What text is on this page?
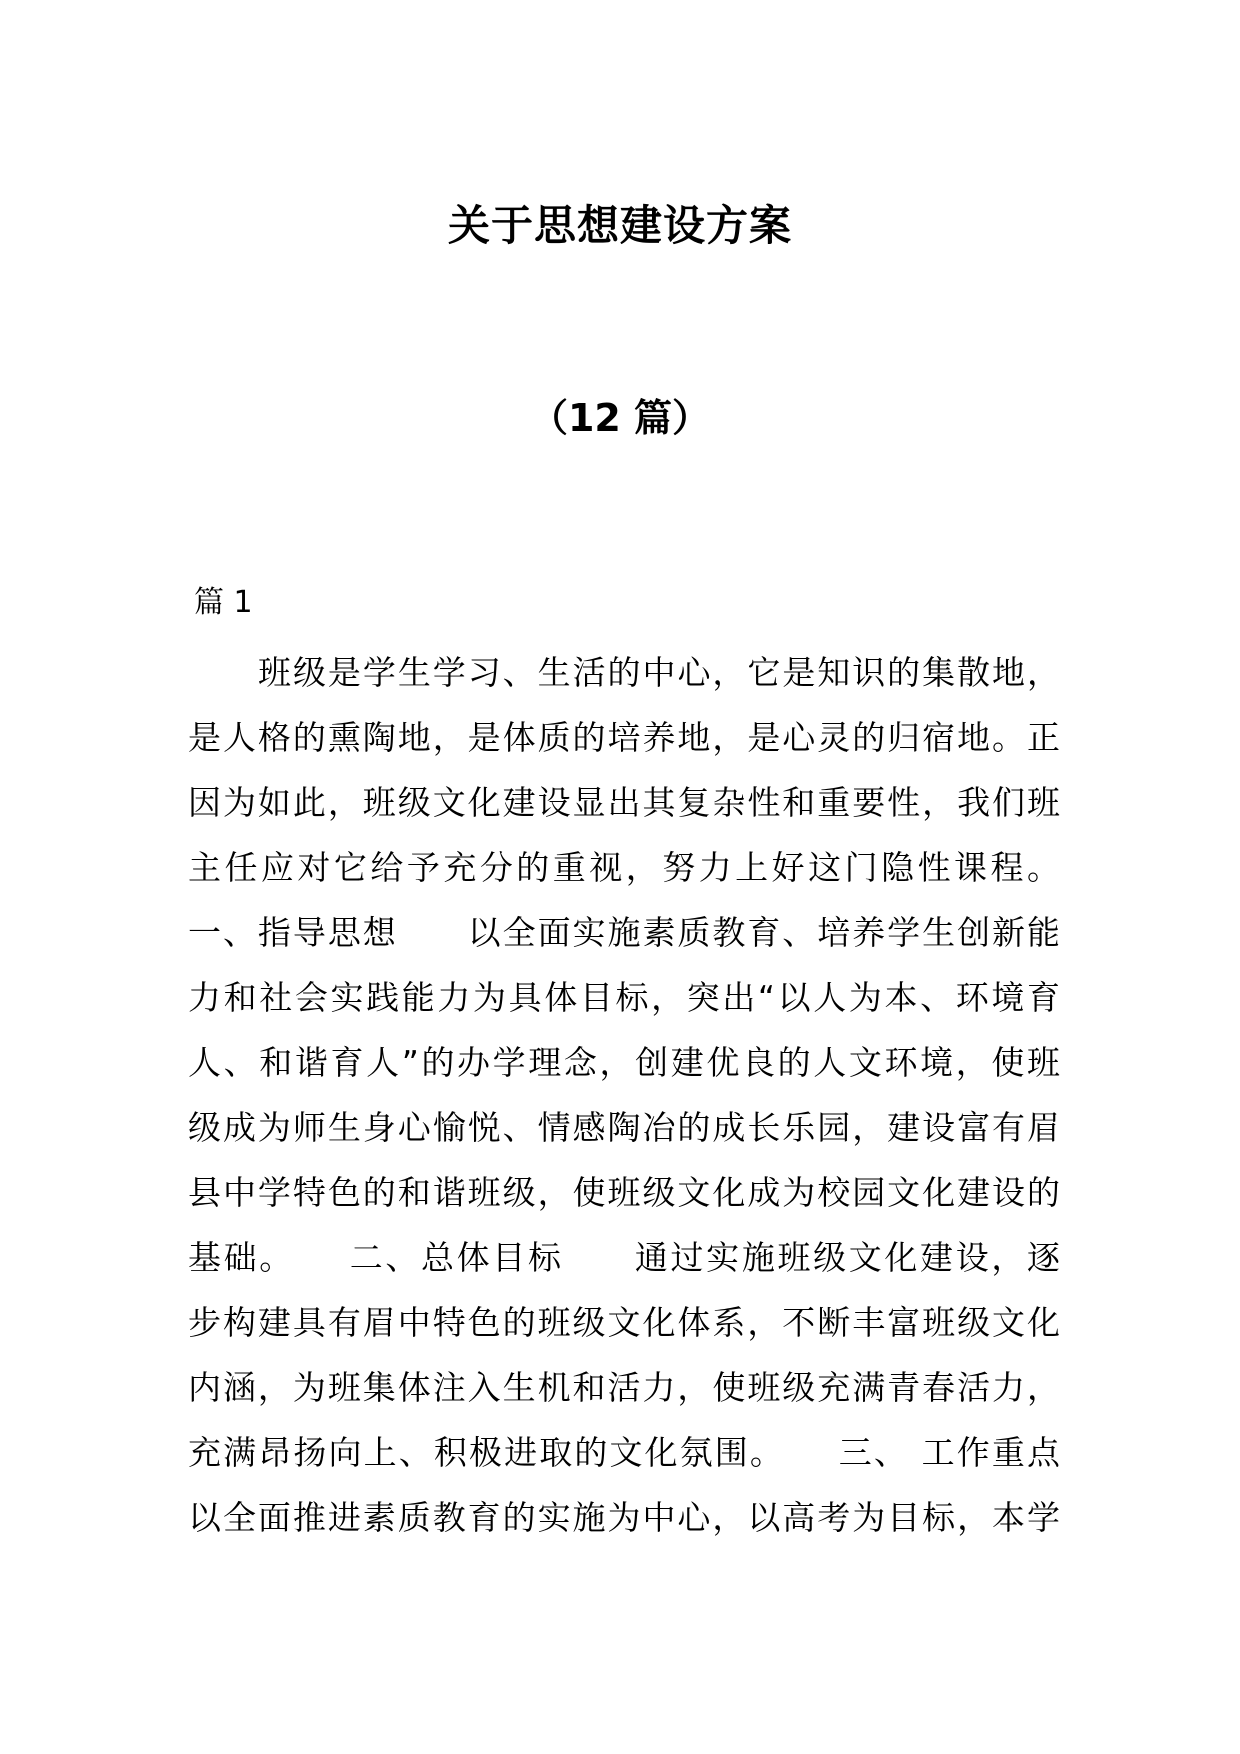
关于思想建设方案
（12 篇）
篇 1
班级是学生学习、生活的中心，它是知识的集散地，
是人格的熏陶地，是体质的培养地，是心灵的归宿地。正
因为如此，班级文化建设显出其复杂性和重要性，我们班
主任应对它给予充分的重视，努力上好这门隐性课程。
一、指导思想　　以全面实施素质教育、培养学生创新能
力和社会实践能力为具体目标，突出“以人为本、环境育
人、和谐育人”的办学理念，创建优良的人文环境，使班
级成为师生身心愉悦、情感陶冶的成长乐园，建设富有眉
县中学特色的和谐班级，使班级文化成为校园文化建设的
基础。　　二、总体目标　　通过实施班级文化建设，逐
步构建具有眉中特色的班级文化体系，不断丰富班级文化
内涵，为班集体注入生机和活力，使班级充满青春活力，
充满昂扬向上、积极进取的文化氛围。　　三、 工作重点
以全面推进素质教育的实施为中心，以高考为目标，本学
